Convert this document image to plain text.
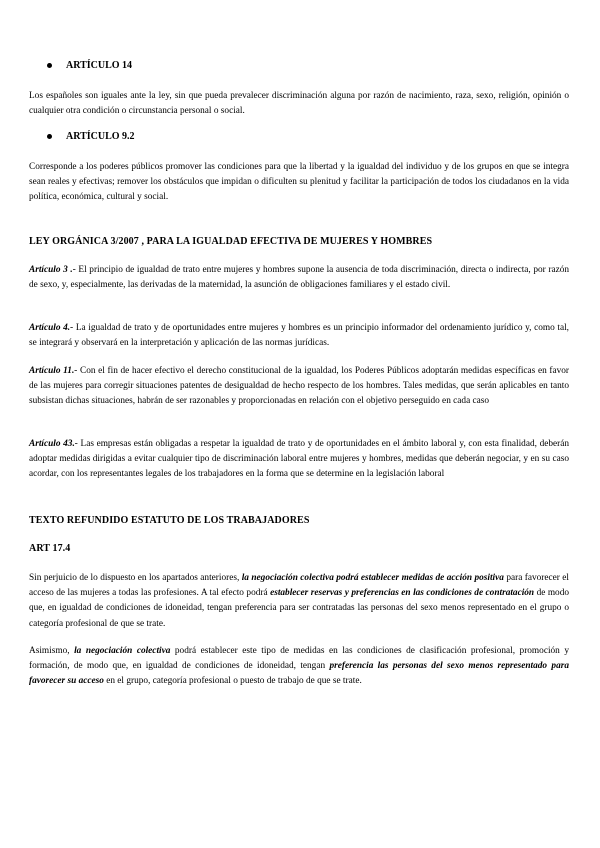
ARTÍCULO 14
Los españoles son iguales ante la ley, sin que pueda prevalecer discriminación alguna por razón de nacimiento, raza, sexo, religión, opinión o cualquier otra condición o circunstancia personal o social.
ARTÍCULO 9.2
Corresponde a los poderes públicos promover las condiciones para que la libertad y la igualdad del individuo y de los grupos en que se integra sean reales y efectivas; remover los obstáculos que impidan o dificulten su plenitud y facilitar la participación de todos los ciudadanos en la vida política, económica, cultural y social.
LEY ORGÁNICA 3/2007 , PARA LA IGUALDAD EFECTIVA DE MUJERES Y HOMBRES
Artículo 3 .- El principio de igualdad de trato entre mujeres y hombres supone la ausencia de toda discriminación, directa o indirecta, por razón de sexo, y, especialmente, las derivadas de la maternidad, la asunción de obligaciones familiares y el estado civil.
Artículo 4.- La igualdad de trato y de oportunidades entre mujeres y hombres es un principio informador del ordenamiento jurídico y, como tal, se integrará y observará en la interpretación y aplicación de las normas jurídicas.
Artículo 11.- Con el fin de hacer efectivo el derecho constitucional de la igualdad, los Poderes Públicos adoptarán medidas específicas en favor de las mujeres para corregir situaciones patentes de desigualdad de hecho respecto de los hombres. Tales medidas, que serán aplicables en tanto subsistan dichas situaciones, habrán de ser razonables y proporcionadas en relación con el objetivo perseguido en cada caso
Artículo 43.- Las empresas están obligadas a respetar la igualdad de trato y de oportunidades en el ámbito laboral y, con esta finalidad, deberán adoptar medidas dirigidas a evitar cualquier tipo de discriminación laboral entre mujeres y hombres, medidas que deberán negociar, y en su caso acordar, con los representantes legales de los trabajadores en la forma que se determine en la legislación laboral
TEXTO REFUNDIDO ESTATUTO DE LOS TRABAJADORES
ART 17.4
Sin perjuicio de lo dispuesto en los apartados anteriores, la negociación colectiva podrá establecer medidas de acción positiva para favorecer el acceso de las mujeres a todas las profesiones. A tal efecto podrá establecer reservas y preferencias en las condiciones de contratación de modo que, en igualdad de condiciones de idoneidad, tengan preferencia para ser contratadas las personas del sexo menos representado en el grupo o categoría profesional de que se trate.
Asimismo, la negociación colectiva podrá establecer este tipo de medidas en las condiciones de clasificación profesional, promoción y formación, de modo que, en igualdad de condiciones de idoneidad, tengan preferencia las personas del sexo menos representado para favorecer su acceso en el grupo, categoría profesional o puesto de trabajo de que se trate.
